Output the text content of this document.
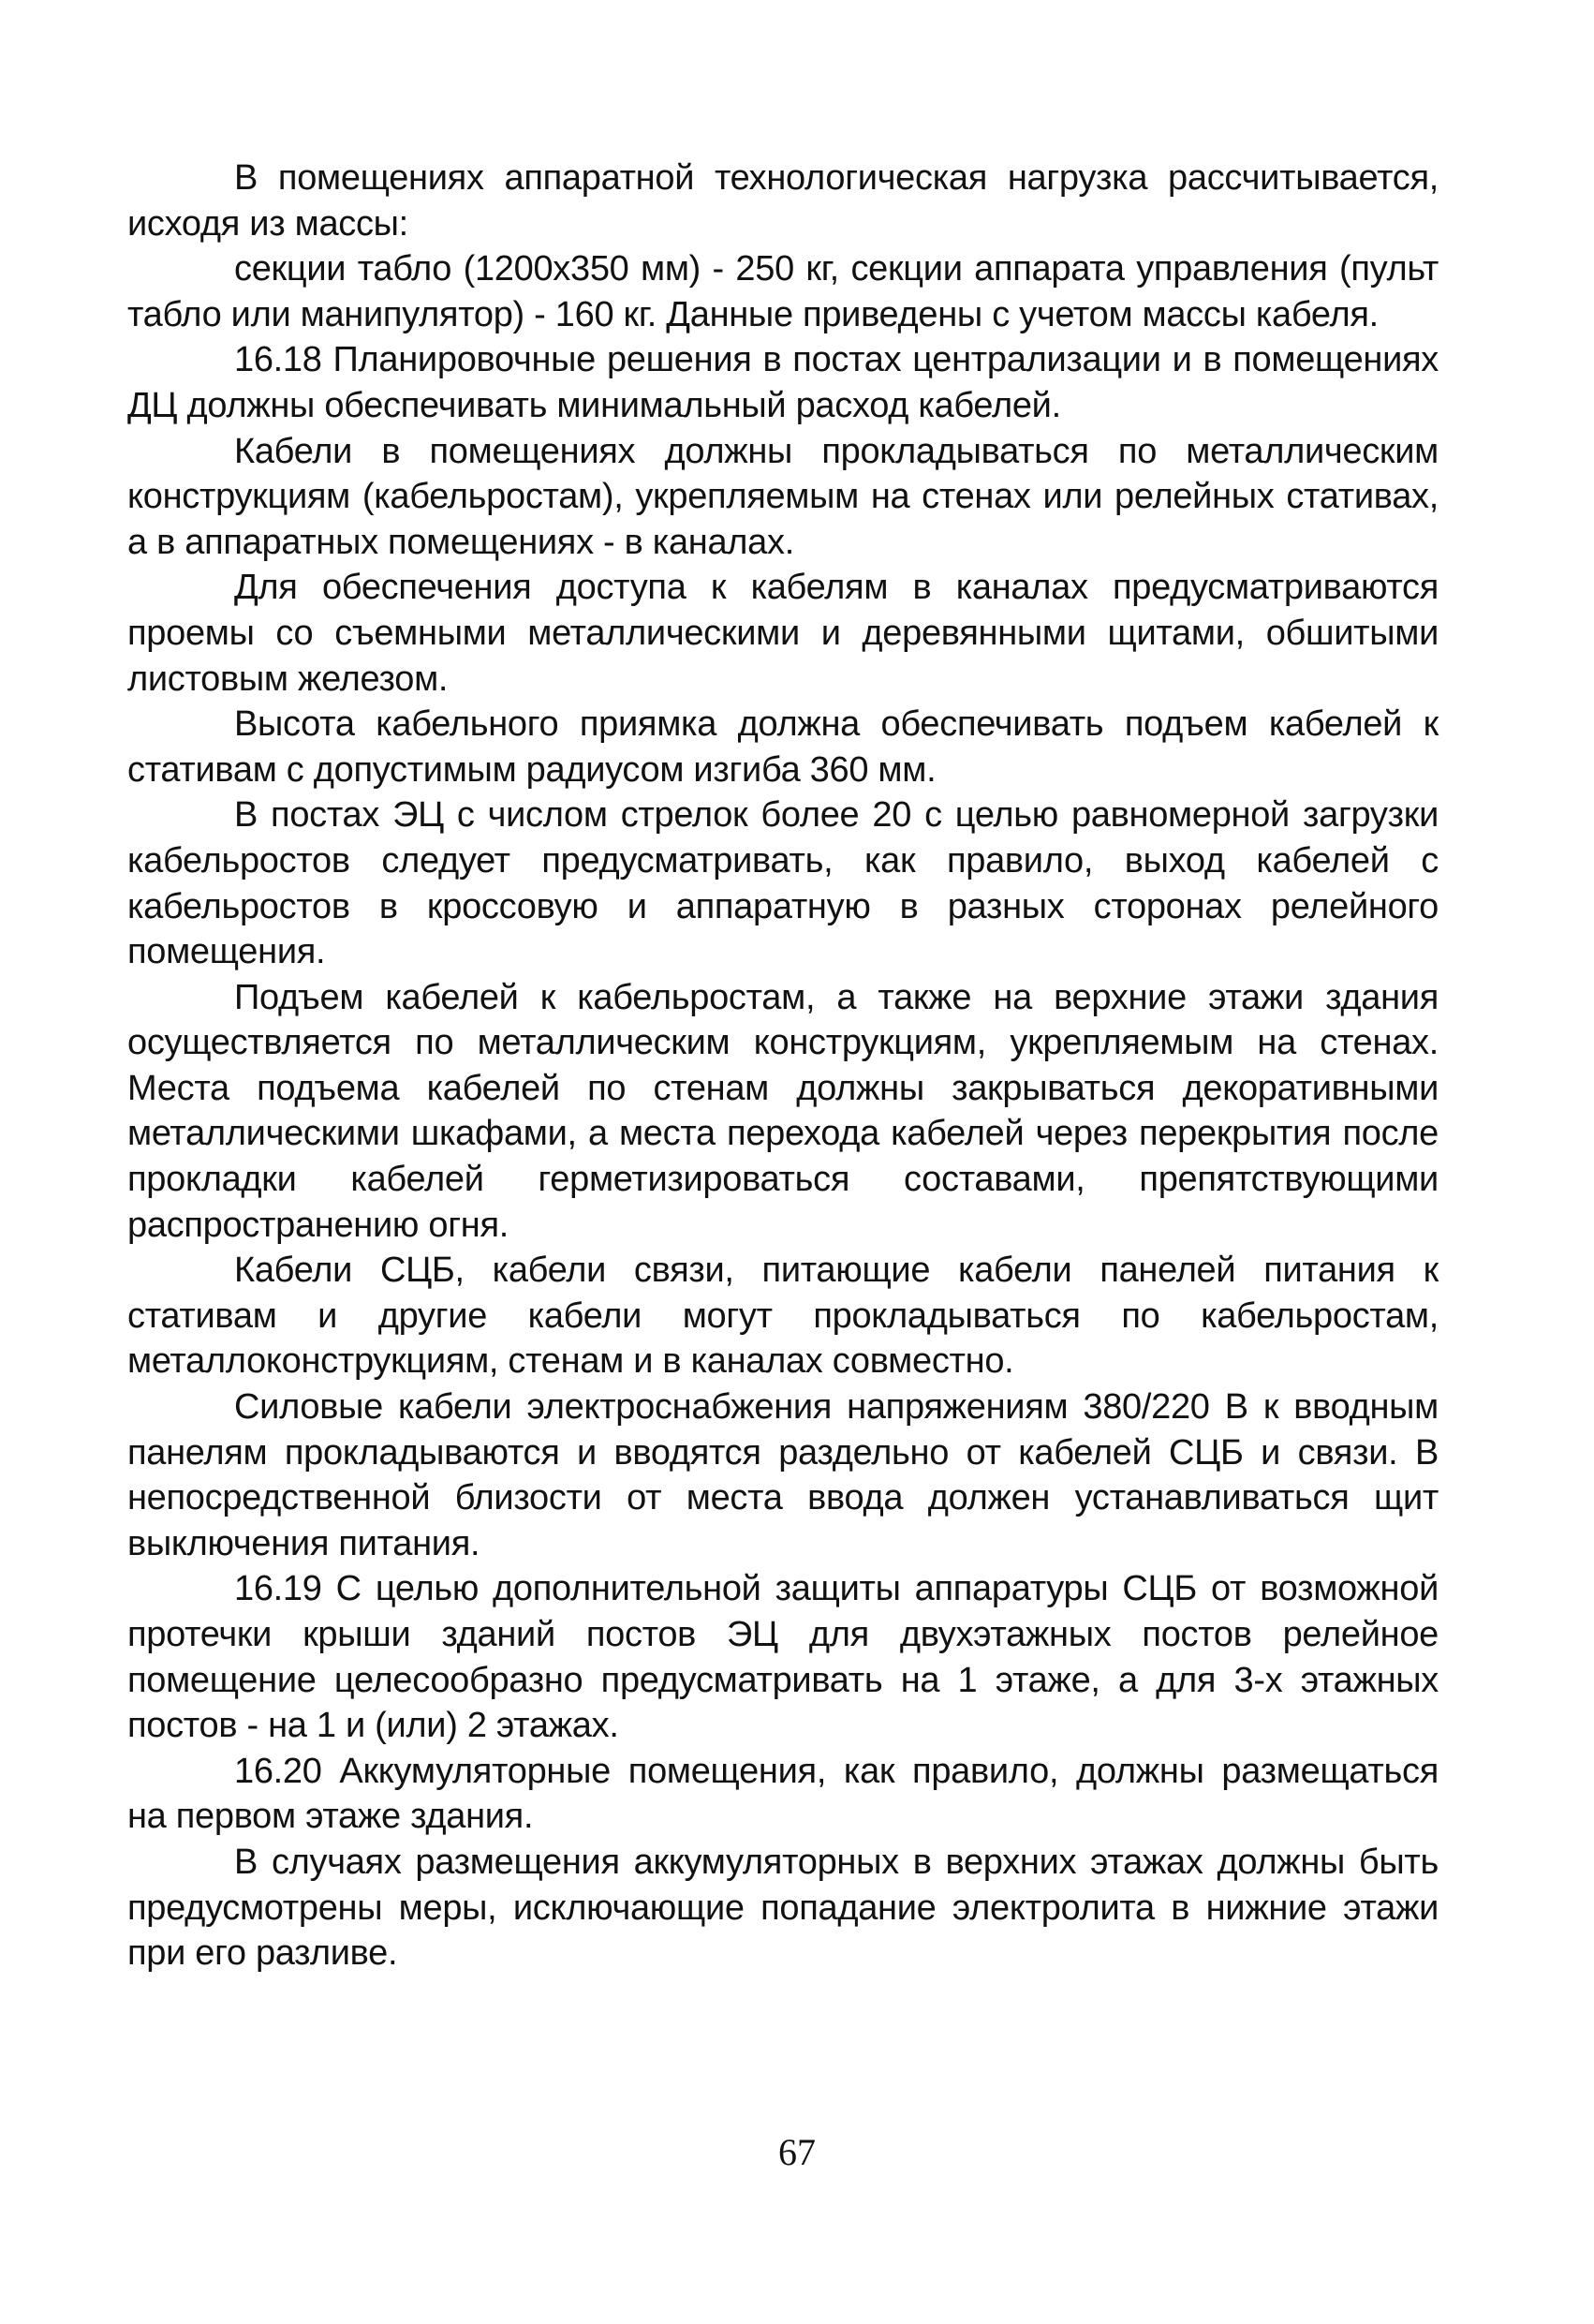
В помещениях аппаратной технологическая нагрузка рассчитывается, исходя из массы:

секции табло (1200х350 мм) - 250 кг, секции аппарата управления (пульт табло или манипулятор) - 160 кг. Данные приведены с учетом массы кабеля.

16.18 Планировочные решения в постах централизации и в помещениях ДЦ должны обеспечивать минимальный расход кабелей.

Кабели в помещениях должны прокладываться по металлическим конструкциям (кабельростам), укрепляемым на стенах или релейных стативах, а в аппаратных помещениях - в каналах.

Для обеспечения доступа к кабелям в каналах предусматриваются проемы со съемными металлическими и деревянными щитами, обшитыми листовым железом.

Высота кабельного приямка должна обеспечивать подъем кабелей к стативам с допустимым радиусом изгиба 360 мм.

В постах ЭЦ с числом стрелок более 20 с целью равномерной загрузки кабельростов следует предусматривать, как правило, выход кабелей с кабельростов в кроссовую и аппаратную в разных сторонах релейного помещения.

Подъем кабелей к кабельростам, а также на верхние этажи здания осуществляется по металлическим конструкциям, укрепляемым на стенах. Места подъема кабелей по стенам должны закрываться декоративными металлическими шкафами, а места перехода кабелей через перекрытия после прокладки кабелей герметизироваться составами, препятствующими распространению огня.

Кабели СЦБ, кабели связи, питающие кабели панелей питания к стативам и другие кабели могут прокладываться по кабельростам, металлоконструкциям, стенам и в каналах совместно.

Силовые кабели электроснабжения напряжениям 380/220 В к вводным панелям прокладываются и вводятся раздельно от кабелей СЦБ и связи. В непосредственной близости от места ввода должен устанавливаться щит выключения питания.

16.19 С целью дополнительной защиты аппаратуры СЦБ от возможной протечки крыши зданий постов ЭЦ для двухэтажных постов релейное помещение целесообразно предусматривать на 1 этаже, а для 3-х этажных постов - на 1 и (или) 2 этажах.

16.20 Аккумуляторные помещения, как правило, должны размещаться на первом этаже здания.

В случаях размещения аккумуляторных в верхних этажах должны быть предусмотрены меры, исключающие попадание электролита в нижние этажи при его разливе.

67
